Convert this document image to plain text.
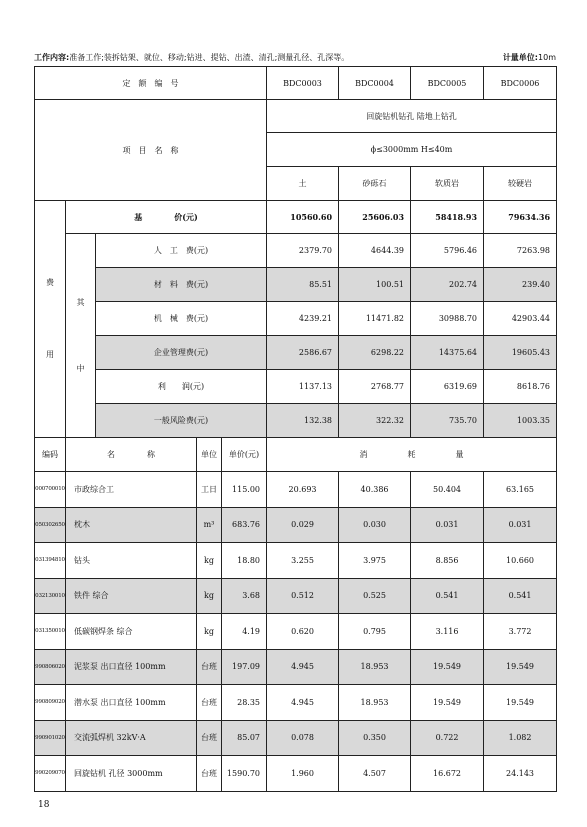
工作内容:准备工作;装拆钻架、就位、移动;钻进、提钻、出渣、清孔;测量孔径、孔深等。	计量单位:10m
定　额　编　号					BDC0003	BDC0004	BDC0005	BDC0006
项　目　名　称					回旋钻机钻孔 陆地上钻孔			
					ϕ≤3000mm H≤40m			
					土	砂砾石	软质岩	较硬岩

费
用	基　　　　价(元)				10560.60	25606.03	58418.93	79634.36

	其
中	人　工　费(元)			2379.70	4644.39	5796.46	7263.98
		材　料　费(元)			85.51	100.51	202.74	239.40
		机　械　费(元)			4239.21	11471.82	30988.70	42903.44
		企业管理费(元)			2586.67	6298.22	14375.64	19605.43
		利　　润(元)			1137.13	2768.77	6319.69	8618.76
		一般风险费(元)			132.38	322.32	735.70	1003.35
编码	名　　　　称		单位	单价(元)	消　　　　　耗　　　　　量			
000700010	市政综合工		工日	115.00	20.693	40.386	50.404	63.165
050302650	枕木		m³	683.76	0.029	0.030	0.031	0.031
031394810	钻头		kg	18.80	3.255	3.975	8.856	10.660
032130010	铁件 综合		kg	3.68	0.512	0.525	0.541	0.541
031350010	低碳钢焊条 综合		kg	4.19	0.620	0.795	3.116	3.772
990806020	泥浆泵 出口直径 100mm		台班	197.09	4.945	18.953	19.549	19.549
990809020	潜水泵 出口直径 100mm		台班	28.35	4.945	18.953	19.549	19.549
990901020	交流弧焊机 32kV·A		台班	85.07	0.078	0.350	0.722	1.082
990209070	回旋钻机 孔径 3000mm		台班	1590.70	1.960	4.507	16.672	24.143
18
